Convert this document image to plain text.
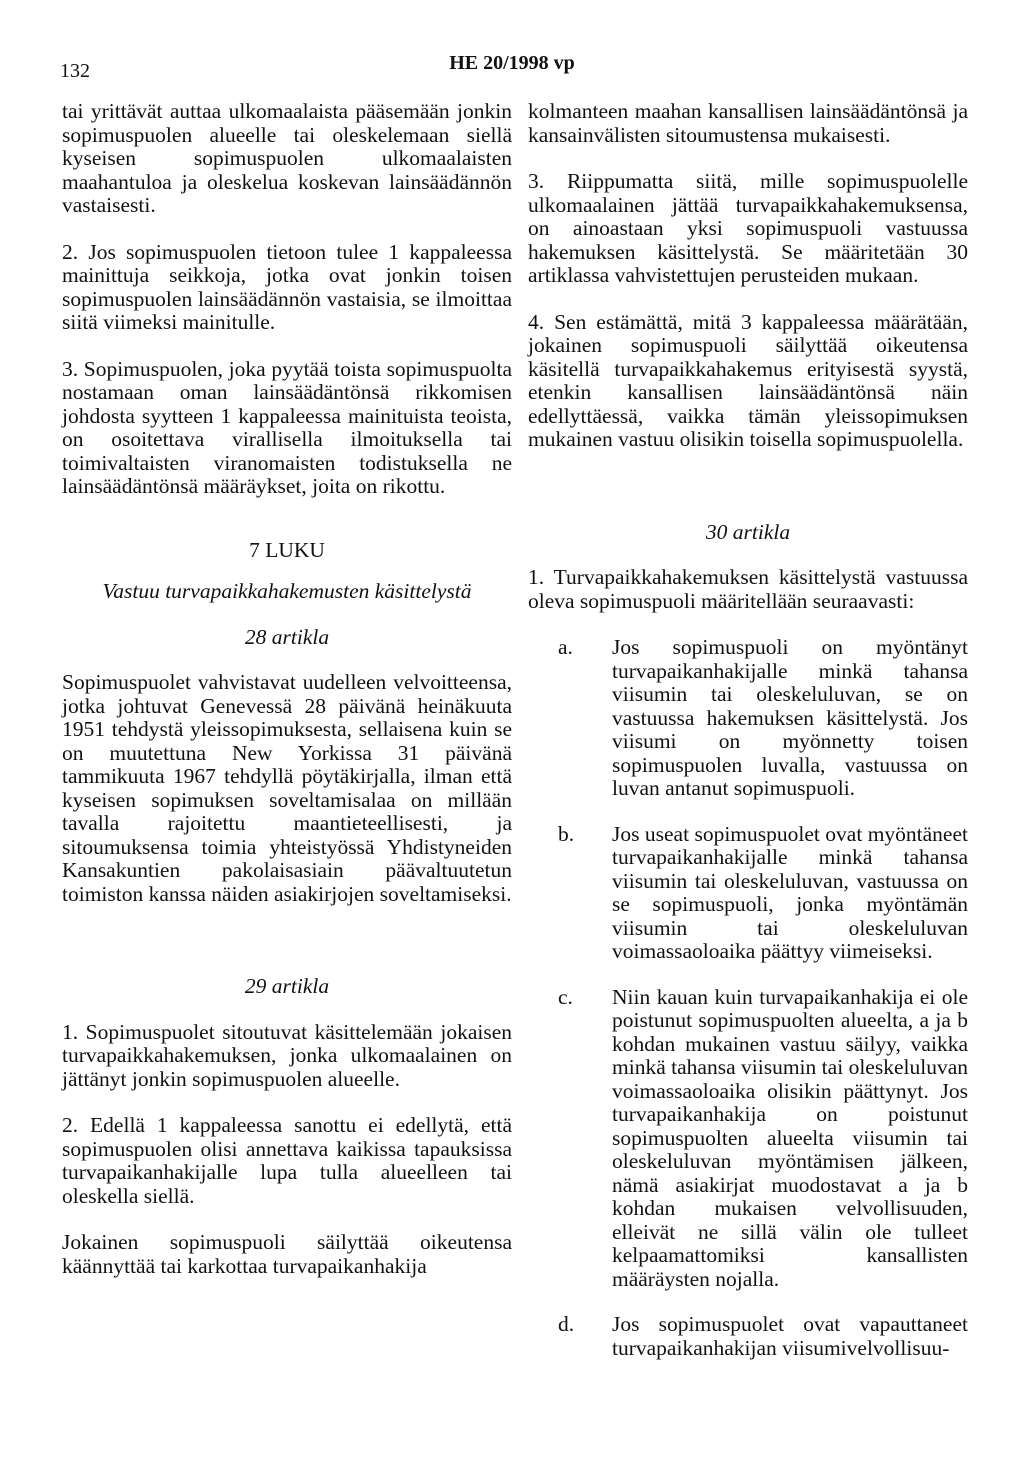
132	HE 20/1998 vp

tai yrittävät auttaa ulkomaalaista pääsemään jonkin sopimuspuolen alueelle tai oleskelemaan siellä kyseisen sopimuspuolen ulkomaalaisten maahantuloa ja oleskelua koskevan lainsäädännön vastaisesti.

2. Jos sopimuspuolen tietoon tulee 1 kappaleessa mainittuja seikkoja, jotka ovat jonkin toisen sopimuspuolen lainsäädännön vastaisia, se ilmoittaa siitä viimeksi mainitulle.

3. Sopimuspuolen, joka pyytää toista sopimuspuolta nostamaan oman lainsäädäntönsä rikkomisen johdosta syytteen 1 kappaleessa mainituista teoista, on osoitettava virallisella ilmoituksella tai toimivaltaisten viranomaisten todistuksella ne lainsäädäntönsä määräykset, joita on rikottu.

7 LUKU
Vastuu turvapaikkahakemusten käsittelystä
28 artikla

Sopimuspuolet vahvistavat uudelleen velvoitteensa, jotka johtuvat Genevessä 28 päivänä heinäkuuta 1951 tehdystä yleissopimuksesta, sellaisena kuin se on muutettuna New Yorkissa 31 päivänä tammikuuta 1967 tehdyllä pöytäkirjalla, ilman että kyseisen sopimuksen soveltamisalaa on millään tavalla rajoitettu maantieteellisesti, ja sitoumuksensa toimia yhteistyössä Yhdistyneiden Kansakuntien pakolaisasiain päävaltuutetun toimiston kanssa näiden asiakirjojen soveltamiseksi.

29 artikla

1. Sopimuspuolet sitoutuvat käsittelemään jokaisen turvapaikkahakemuksen, jonka ulkomaalainen on jättänyt jonkin sopimuspuolen alueelle.

2. Edellä 1 kappaleessa sanottu ei edellytä, että sopimuspuolen olisi annettava kaikissa tapauksissa turvapaikanhakijalle lupa tulla alueelleen tai oleskella siellä.

Jokainen sopimuspuoli säilyttää oikeutensa käännyttää tai karkottaa turvapaikanhakija

kolmanteen maahan kansallisen lainsäädäntönsä ja kansainvälisten sitoumustensa mukaisesti.

3. Riippumatta siitä, mille sopimuspuolelle ulkomaalainen jättää turvapaikkahakemuksensa, on ainoastaan yksi sopimuspuoli vastuussa hakemuksen käsittelystä. Se määritetään 30 artiklassa vahvistettujen perusteiden mukaan.

4. Sen estämättä, mitä 3 kappaleessa määrätään, jokainen sopimuspuoli säilyttää oikeutensa käsitellä turvapaikkahakemus erityisestä syystä, etenkin kansallisen lainsäädäntönsä näin edellyttäessä, vaikka tämän yleissopimuksen mukainen vastuu olisikin toisella sopimuspuolella.

30 artikla

1. Turvapaikkahakemuksen käsittelystä vastuussa oleva sopimuspuoli määritellään seuraavasti:

a.	Jos sopimuspuoli on myöntänyt turvapaikanhakijalle minkä tahansa viisumin tai oleskeluluvan, se on vastuussa hakemuksen käsittelystä. Jos viisumi on myönnetty toisen sopimuspuolen luvalla, vastuussa on luvan antanut sopimuspuoli.
b.	Jos useat sopimuspuolet ovat myöntäneet turvapaikanhakijalle minkä tahansa viisumin tai oleskeluluvan, vastuussa on se sopimuspuoli, jonka myöntämän viisumin tai oleskeluluvan voimassaoloaika päättyy viimeiseksi.
c.	Niin kauan kuin turvapaikanhakija ei ole poistunut sopimuspuolten alueelta, a ja b kohdan mukainen vastuu säilyy, vaikka minkä tahansa viisumin tai oleskeluluvan voimassaoloaika olisikin päättynyt. Jos turvapaikanhakija on poistunut sopimuspuolten alueelta viisumin tai oleskeluluvan myöntämisen jälkeen, nämä asiakirjat muodostavat a ja b kohdan mukaisen velvollisuuden, elleivät ne sillä välin ole tulleet kelpaamattomiksi kansallisten määräysten nojalla.
d.	Jos sopimuspuolet ovat vapauttaneet turvapaikanhakijan viisumivelvollisuu-
